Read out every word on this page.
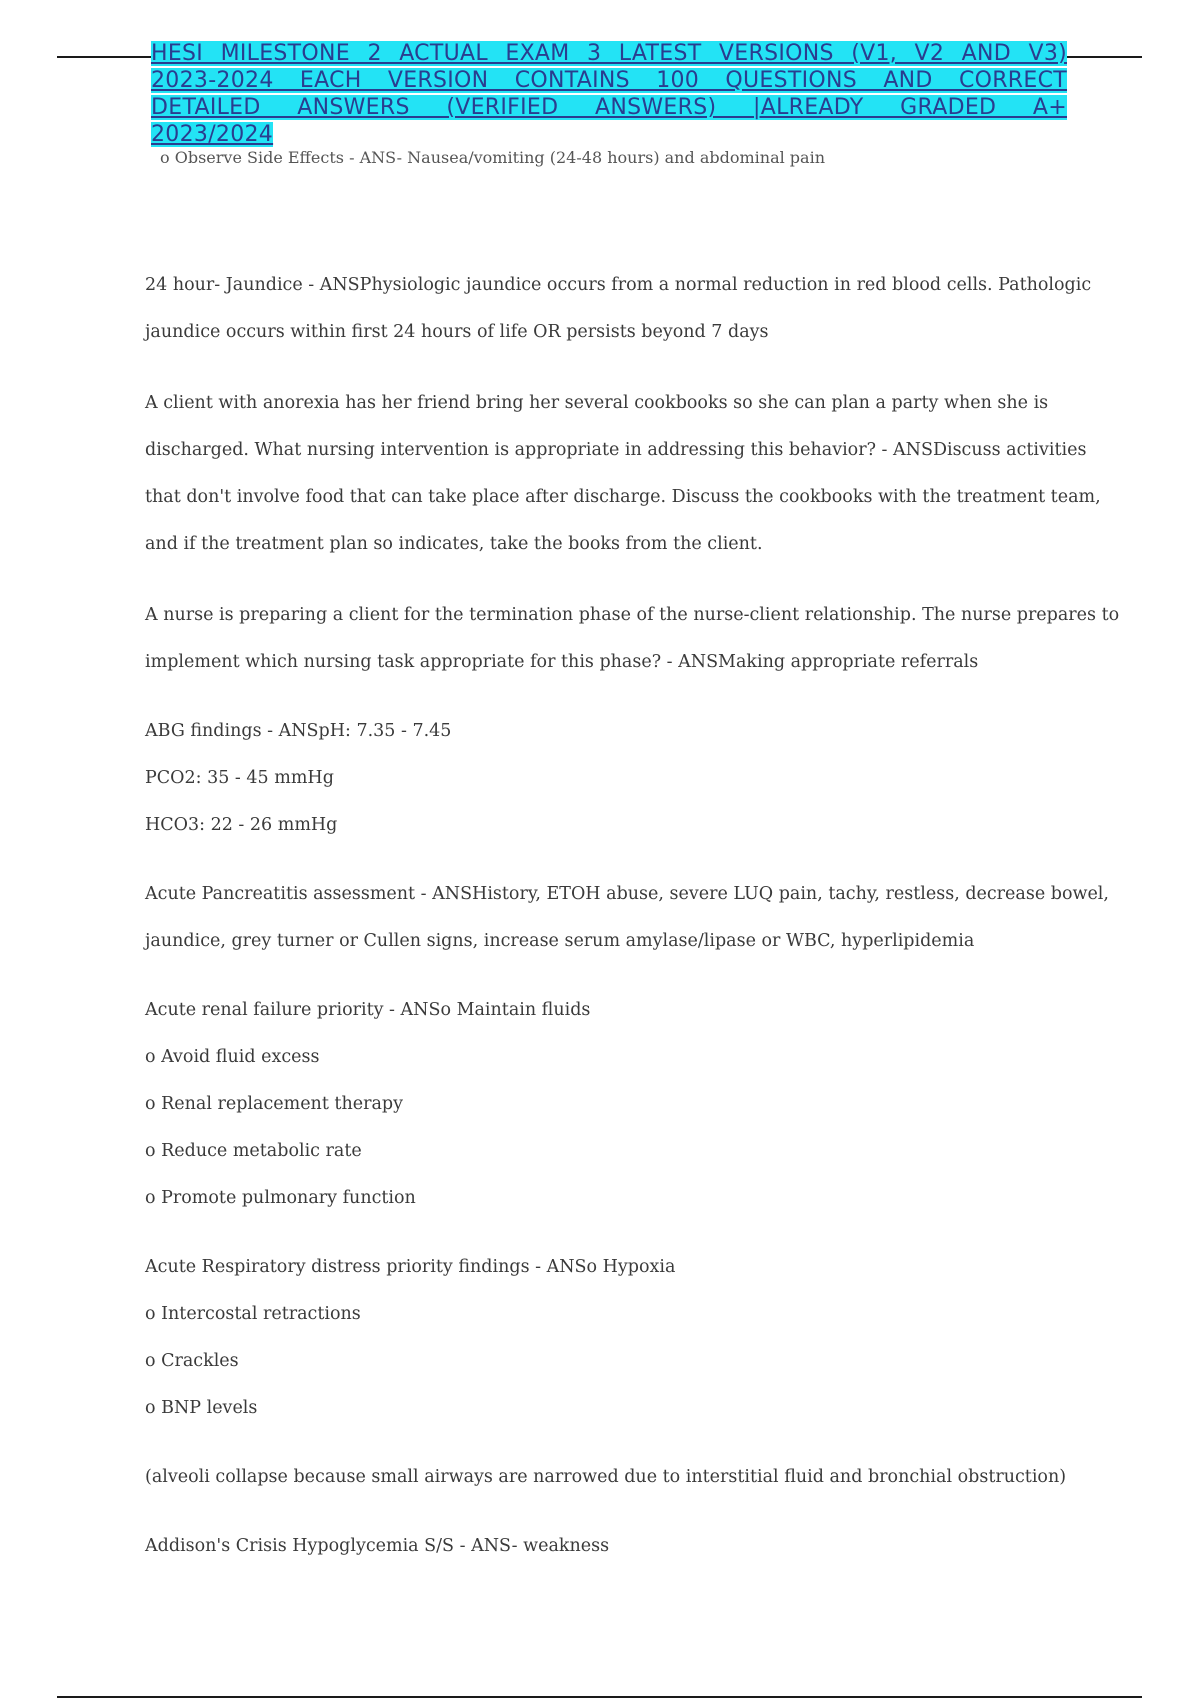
HESI MILESTONE 2 ACTUAL EXAM 3 LATEST VERSIONS (V1, V2 AND V3)
2023-2024 EACH VERSION CONTAINS 100 QUESTIONS AND CORRECT
DETAILED ANSWERS (VERIFIED ANSWERS) |ALREADY GRADED A+
2023/2024
o Observe Side Effects - ANS- Nausea/vomiting (24-48 hours) and abdominal pain
24 hour- Jaundice - ANSPhysiologic jaundice occurs from a normal reduction in red blood cells. Pathologic
jaundice occurs within first 24 hours of life OR persists beyond 7 days
A client with anorexia has her friend bring her several cookbooks so she can plan a party when she is
discharged. What nursing intervention is appropriate in addressing this behavior? - ANSDiscuss activities
that don't involve food that can take place after discharge. Discuss the cookbooks with the treatment team,
and if the treatment plan so indicates, take the books from the client.
A nurse is preparing a client for the termination phase of the nurse-client relationship. The nurse prepares to
implement which nursing task appropriate for this phase? - ANSMaking appropriate referrals
ABG findings - ANSpH: 7.35 - 7.45
PCO2: 35 - 45 mmHg
HCO3: 22 - 26 mmHg
Acute Pancreatitis assessment - ANSHistory, ETOH abuse, severe LUQ pain, tachy, restless, decrease bowel,
jaundice, grey turner or Cullen signs, increase serum amylase/lipase or WBC, hyperlipidemia
Acute renal failure priority - ANSo Maintain fluids
o Avoid fluid excess
o Renal replacement therapy
o Reduce metabolic rate
o Promote pulmonary function
Acute Respiratory distress priority findings - ANSo Hypoxia
o Intercostal retractions
o Crackles
o BNP levels
(alveoli collapse because small airways are narrowed due to interstitial fluid and bronchial obstruction)
Addison's Crisis Hypoglycemia S/S - ANS- weakness
